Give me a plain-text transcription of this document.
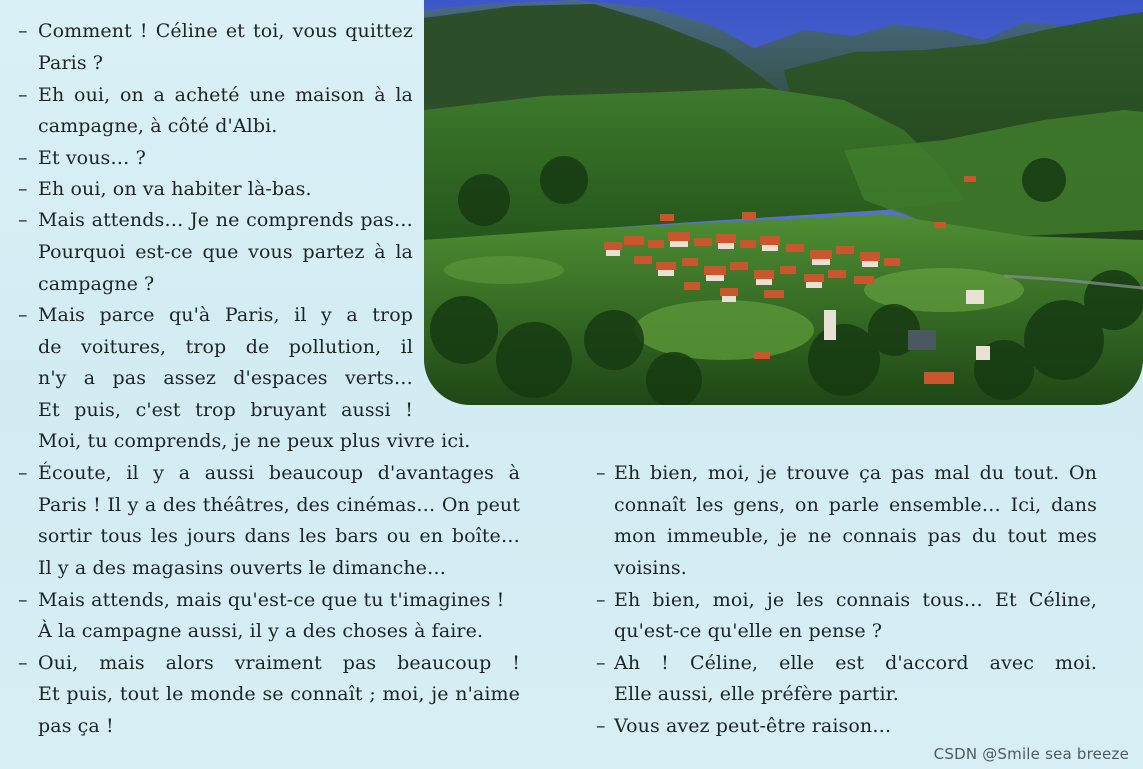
– Comment ! Céline et toi, vous quittez
Paris ?
– Eh oui, on a acheté une maison à la
campagne, à côté d'Albi.
– Et vous… ?
– Eh oui, on va habiter là-bas.
– Mais attends… Je ne comprends pas…
Pourquoi est-ce que vous partez à la
campagne ?
– Mais parce qu'à Paris, il y a trop
de voitures, trop de pollution, il
n'y a pas assez d'espaces verts…
Et puis, c'est trop bruyant aussi !
Moi, tu comprends, je ne peux plus vivre ici.
– Écoute, il y a aussi beaucoup d'avantages à
Paris ! Il y a des théâtres, des cinémas… On peut
sortir tous les jours dans les bars ou en boîte…
Il y a des magasins ouverts le dimanche…
– Mais attends, mais qu'est-ce que tu t'imagines !
À la campagne aussi, il y a des choses à faire.
– Oui, mais alors vraiment pas beaucoup !
Et puis, tout le monde se connaît ; moi, je n'aime
pas ça !
– Eh bien, moi, je trouve ça pas mal du tout. On
connaît les gens, on parle ensemble… Ici, dans
mon immeuble, je ne connais pas du tout mes
voisins.
– Eh bien, moi, je les connais tous… Et Céline,
qu'est-ce qu'elle en pense ?
– Ah ! Céline, elle est d'accord avec moi.
Elle aussi, elle préfère partir.
– Vous avez peut-être raison…
CSDN @Smile sea breeze
